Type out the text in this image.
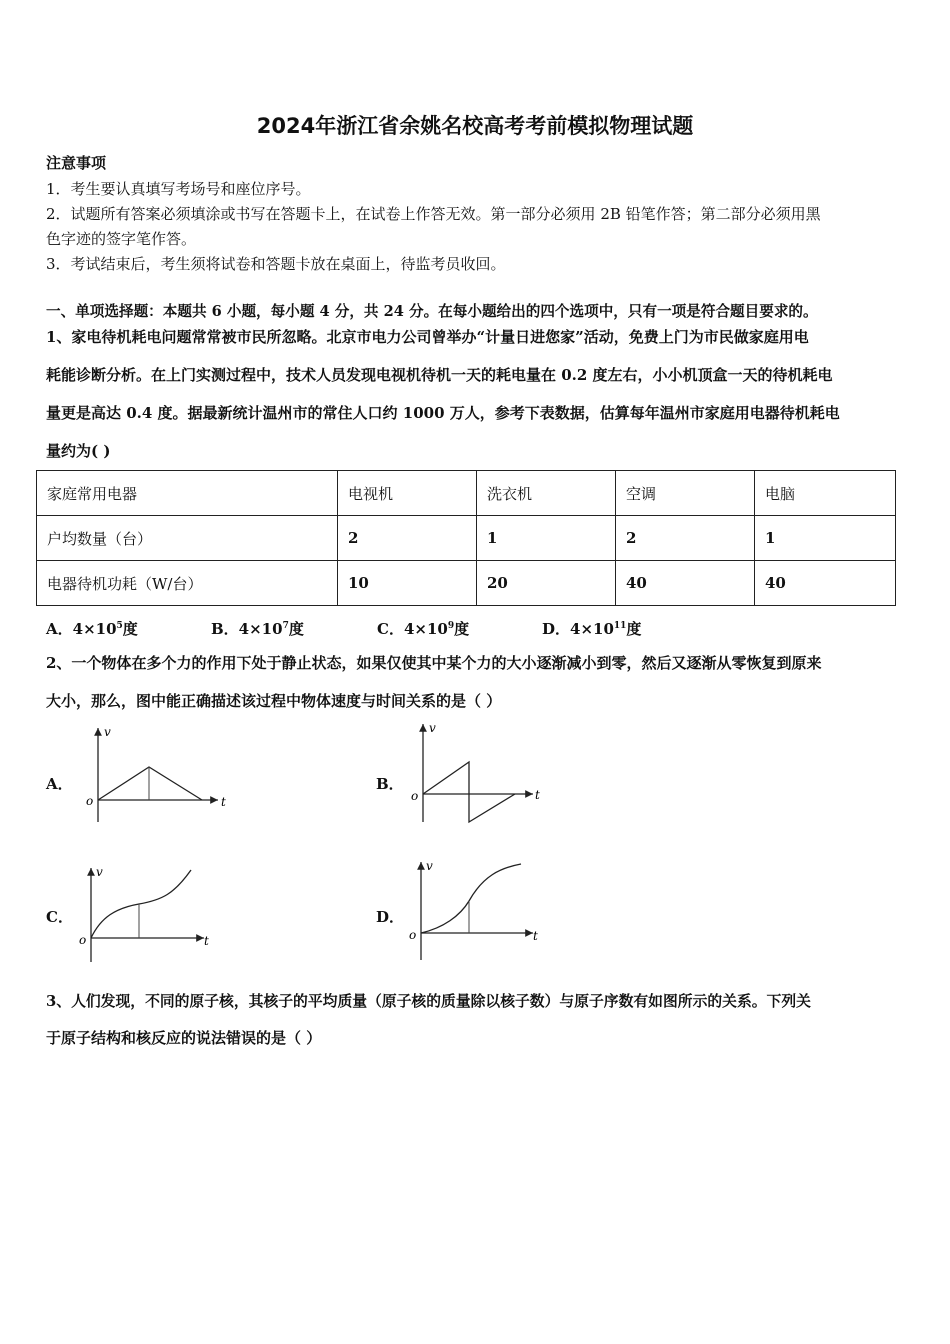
2024年浙江省余姚名校高考考前模拟物理试题
注意事项
1．考生要认真填写考场号和座位序号。
2．试题所有答案必须填涂或书写在答题卡上，在试卷上作答无效。第一部分必须用 2B 铅笔作答；第二部分必须用黑
色字迹的签字笔作答。
3．考试结束后，考生须将试卷和答题卡放在桌面上，待监考员收回。
一、单项选择题：本题共 6 小题，每小题 4 分，共 24 分。在每小题给出的四个选项中，只有一项是符合题目要求的。
1、家电待机耗电问题常常被市民所忽略。北京市电力公司曾举办“计量日进您家”活动，免费上门为市民做家庭用电
耗能诊断分析。在上门实测过程中，技术人员发现电视机待机一天的耗电量在 0.2 度左右，小小机顶盒一天的待机耗电
量更是高达 0.4 度。据最新统计温州市的常住人口约 1000 万人，参考下表数据，估算每年温州市家庭用电器待机耗电
量约为( )
家庭常用电器	电视机	洗衣机	空调	电脑
户均数量（台）	2	1	2	1
电器待机功耗（W/台）	10	20	40	40
A．$4\times 10^5$度	B．$4\times 10^7$度	C．$4\times 10^9$度	D．$4\times 10^{11}$度
2、一个物体在多个力的作用下处于静止状态，如果仅使其中某个力的大小逐渐减小到零，然后又逐渐从零恢复到原来
大小，那么，图中能正确描述该过程中物体速度与时间关系的是（ ）
A．	B．
C．	D．
v
t
o
v
t
o
v
t
o
v
t
o
3、人们发现，不同的原子核，其核子的平均质量（原子核的质量除以核子数）与原子序数有如图所示的关系。下列关
于原子结构和核反应的说法错误的是（ ）
